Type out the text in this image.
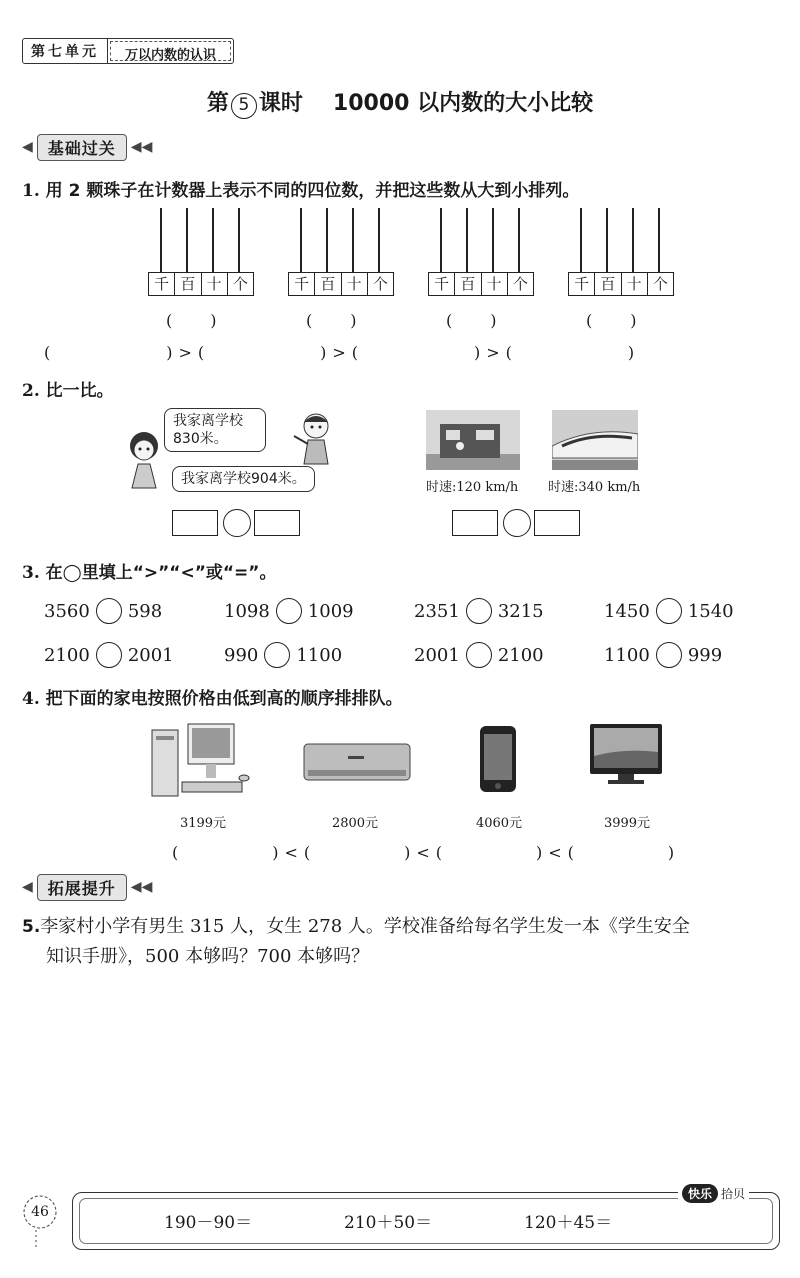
第七单元	万以内数的认识
第 5 课时 10000 以内数的大小比较
◀ 基础过关	◀◀
1. 用 2 颗珠子在计数器上表示不同的四位数，并把这些数从大到小排列。
千 百 十 个	千 百 十 个	千 百 十 个	千 百 十 个
(　　)	(　　)	(　　)	(　　)
(　　　　　)>(　　　　　)>(　　　　　)>(　　　　　)
2. 比一比。
我家离学校
830米。
我家离学校904米。
时速:120 km/h 时速:340 km/h
3. 在◯里填上“>”“<”或“=”。
3560 598	1098 1009	2351 3215	1450 1540
2100 2001	990 1100	2001 2100	1100 999
4. 把下面的家电按照价格由低到高的顺序排排队。
3199元	2800元	4060元	3999元
(　　　　)<(　　　　)<(　　　　)<(　　　　)
◀ 拓展提升	◀◀
5.李家村小学有男生 315 人，女生 278 人。学校准备给每名学生发一本《学生安全
知识手册》，500 本够吗？700 本够吗？
46
190－90＝	210＋50＝	120＋45＝
快乐 拾贝
